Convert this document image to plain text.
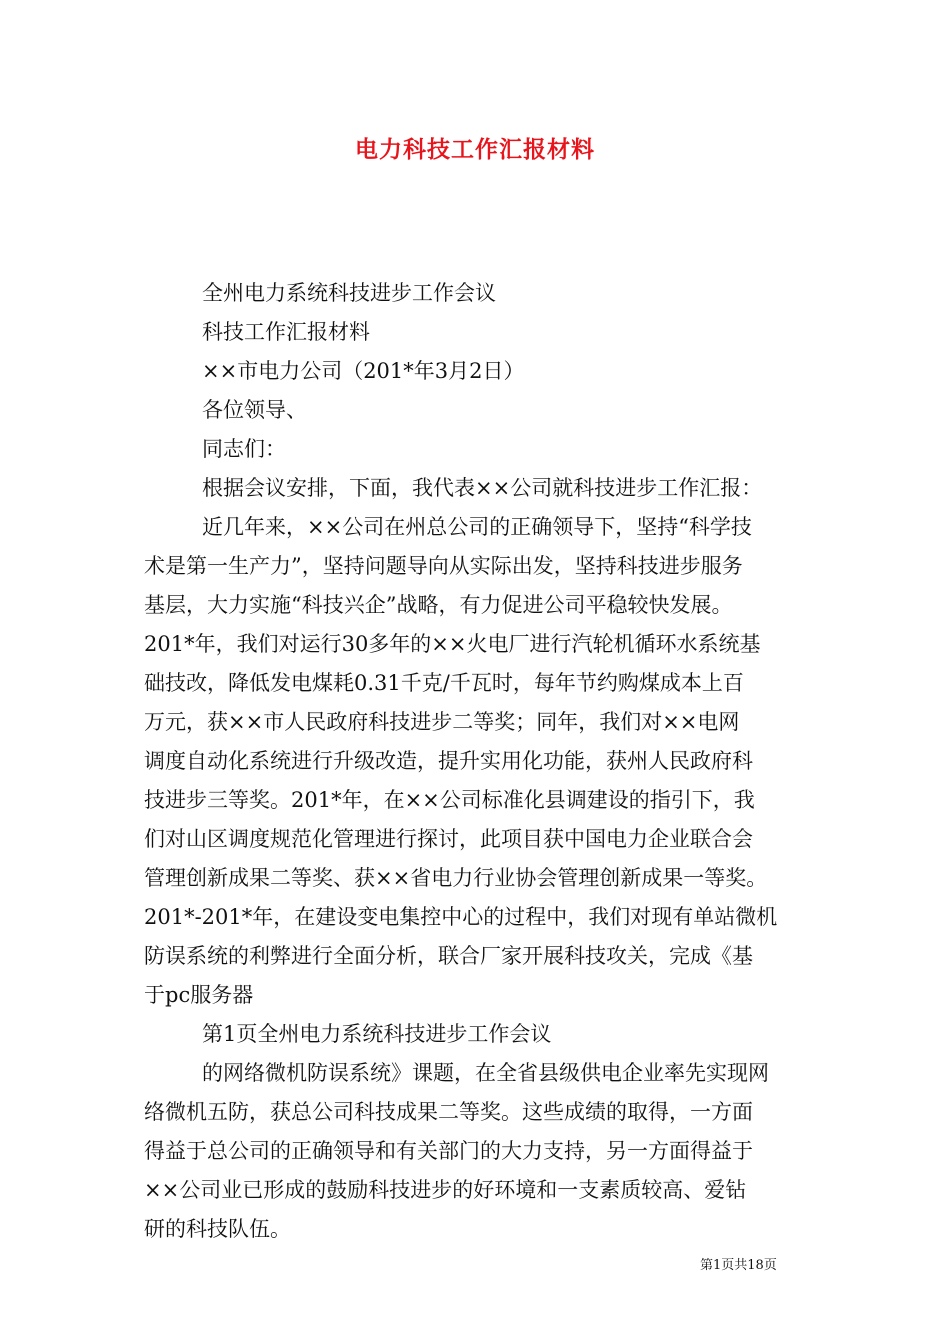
电力科技工作汇报材料
全州电力系统科技进步工作会议
科技工作汇报材料
××市电力公司（201*年3月2日）
各位领导、
同志们：
根据会议安排，下面，我代表××公司就科技进步工作汇报：
近几年来，××公司在州总公司的正确领导下，坚持“科学技
术是第一生产力”，坚持问题导向从实际出发，坚持科技进步服务
基层，大力实施“科技兴企”战略，有力促进公司平稳较快发展。
201*年，我们对运行30多年的××火电厂进行汽轮机循环水系统基
础技改，降低发电煤耗0.31千克/千瓦时，每年节约购煤成本上百
万元，获××市人民政府科技进步二等奖；同年，我们对××电网
调度自动化系统进行升级改造，提升实用化功能，获州人民政府科
技进步三等奖。201*年，在××公司标准化县调建设的指引下，我
们对山区调度规范化管理进行探讨，此项目获中国电力企业联合会
管理创新成果二等奖、获××省电力行业协会管理创新成果一等奖。
201*-201*年，在建设变电集控中心的过程中，我们对现有单站微机
防误系统的利弊进行全面分析，联合厂家开展科技攻关，完成《基
于pc服务器
第1页全州电力系统科技进步工作会议
的网络微机防误系统》课题，在全省县级供电企业率先实现网
络微机五防，获总公司科技成果二等奖。这些成绩的取得，一方面
得益于总公司的正确领导和有关部门的大力支持，另一方面得益于
××公司业已形成的鼓励科技进步的好环境和一支素质较高、爱钻
研的科技队伍。
第1页共18页
